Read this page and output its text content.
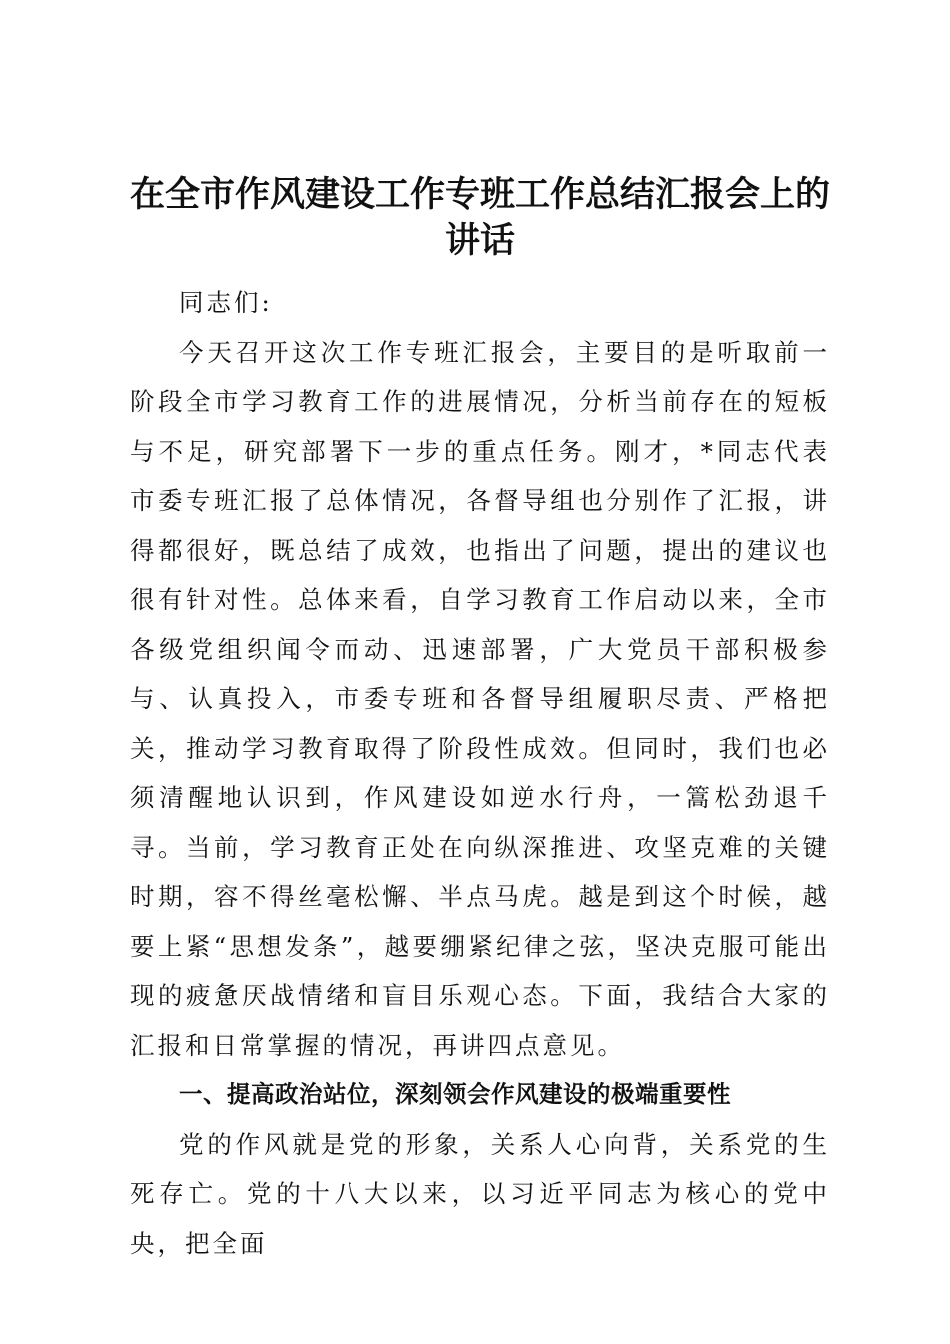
在全市作风建设工作专班工作总结汇报会上的
讲话

同志们:

今天召开这次工作专班汇报会，主要目的是听取前一阶段全市学习教育工作的进展情况，分析当前存在的短板与不足，研究部署下一步的重点任务。刚才，*同志代表市委专班汇报了总体情况，各督导组也分别作了汇报，讲得都很好，既总结了成效，也指出了问题，提出的建议也很有针对性。总体来看，自学习教育工作启动以来，全市各级党组织闻令而动、迅速部署，广大党员干部积极参与、认真投入，市委专班和各督导组履职尽责、严格把关，推动学习教育取得了阶段性成效。但同时，我们也必须清醒地认识到，作风建设如逆水行舟，一篙松劲退千寻。当前，学习教育正处在向纵深推进、攻坚克难的关键时期，容不得丝毫松懈、半点马虎。越是到这个时候，越要上紧“思想发条”，越要绷紧纪律之弦，坚决克服可能出现的疲惫厌战情绪和盲目乐观心态。下面，我结合大家的汇报和日常掌握的情况，再讲四点意见。

一、提高政治站位，深刻领会作风建设的极端重要性

党的作风就是党的形象，关系人心向背，关系党的生死存亡。党的十八大以来，以习近平同志为核心的党中央，把全面
